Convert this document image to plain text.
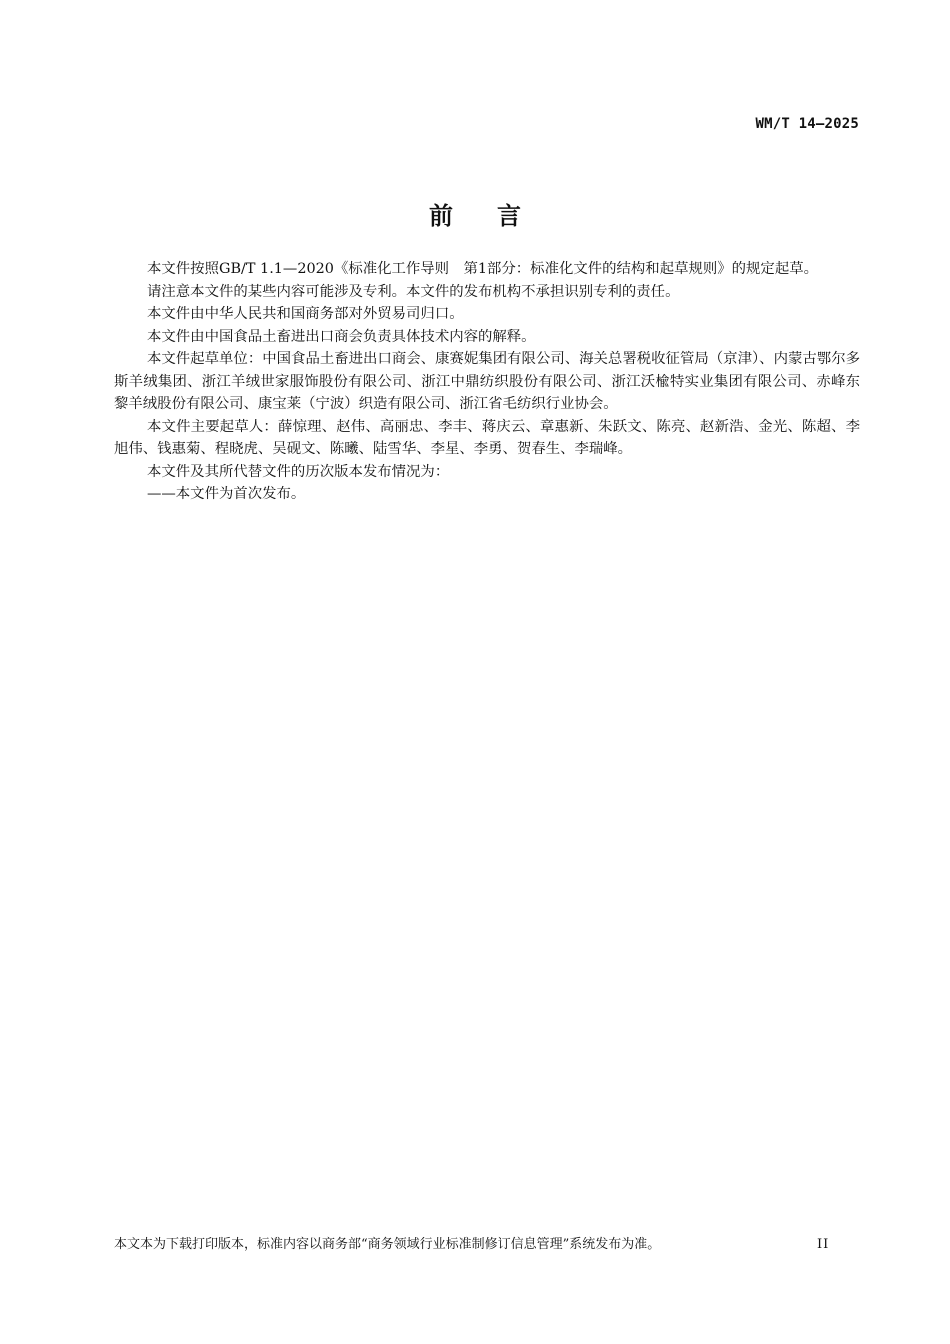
WM/T 14—2025
前言

本文件按照GB/T 1.1—2020《标准化工作导则　第1部分：标准化文件的结构和起草规则》的规定起草。

请注意本文件的某些内容可能涉及专利。本文件的发布机构不承担识别专利的责任。

本文件由中华人民共和国商务部对外贸易司归口。

本文件由中国食品土畜进出口商会负责具体技术内容的解释。

本文件起草单位：中国食品土畜进出口商会、康赛妮集团有限公司、海关总署税收征管局（京津）、内蒙古鄂尔多斯羊绒集团、浙江羊绒世家服饰股份有限公司、浙江中鼎纺织股份有限公司、浙江沃楡特实业集团有限公司、赤峰东黎羊绒股份有限公司、康宝莱（宁波）织造有限公司、浙江省毛纺织行业协会。

本文件主要起草人：薛惊理、赵伟、高丽忠、李丰、蒋庆云、章惠新、朱跃文、陈亮、赵新浩、金光、陈超、李旭伟、钱惠菊、程晓虎、吴砚文、陈曦、陆雪华、李星、李勇、贺春生、李瑞峰。

本文件及其所代替文件的历次版本发布情况为：

——本文件为首次发布。

本文本为下载打印版本，标准内容以商务部“商务领域行业标准制修订信息管理”系统发布为准。	II
